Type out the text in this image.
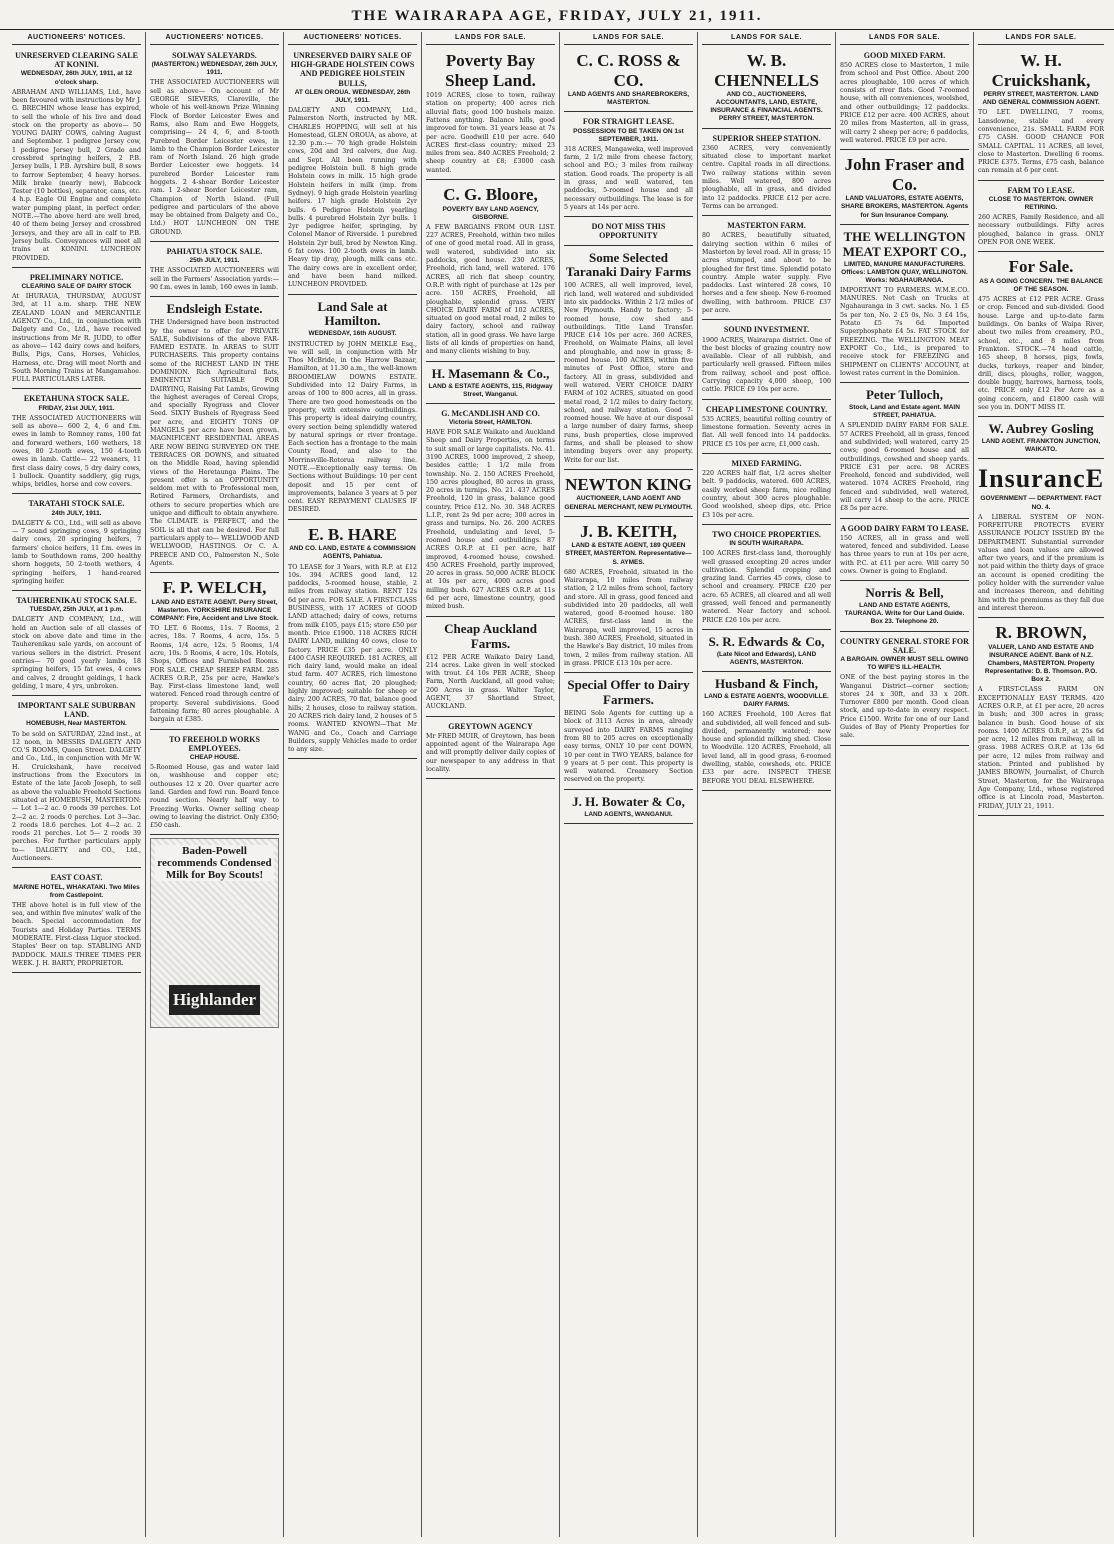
THE WAIRARAPA AGE, FRIDAY, JULY 21, 1911.
AUCTIONEERS' NOTICES.
UNRESERVED CLEARING SALE AT KONINI.
WEDNESDAY, 26th JULY, 1911, at 12 o'clock sharp.
ABRAHAM AND WILLIAMS, Ltd., have been favoured with instructions by Mr J. G. BRECHIN whose lease has expired, to sell the whole of his live and dead stock on the property as above— 50 YOUNG DAIRY COWS, calving August and September. 1 pedigree Jersey cow, 1 pedigree Jersey bull, 2 Grade and crossbred springing heifers, 2 P.B. Jersey bulls, 1 P.B. Ayrshire bull, 8 sows to farrow September, 4 heavy horses. Milk brake (nearly new), Babcock Tester (10 bottles), separator, cans, etc. 4 h.p. Eagle Oil Engine and complete water pumping plant, in perfect order. NOTE.—The above herd are well bred, 40 of them being Jersey and crossbred Jerseys, and they are all in calf to P.B. Jersey bulls. Conveyances will meet all trains at KONINI. LUNCHEON PROVIDED.
PRELIMINARY NOTICE.
CLEARING SALE OF DAIRY STOCK
At IHURAUA, THURSDAY, AUGUST 3rd, at 11 a.m. sharp. THE NEW ZEALAND LOAN and MERCANTILE AGENCY Co., Ltd., in conjunction with Dalgety and Co., Ltd., have received instructions from Mr R. JUDD, to offer as above— 142 dairy cows and heifers, Bulls, Pigs, Cans, Horses, Vehicles, Harness, etc. Drag will meet North and South Morning Trains at Mangamahoe. FULL PARTICULARS LATER.
EKETAHUNA STOCK SALE.
FRIDAY, 21st JULY, 1911.
THE ASSOCIATED AUCTIONEERS will sell as above— 600 2, 4, 6 and f.m. ewes in lamb to Romney rams, 100 fat and forward wethers, 160 wethers, 18 owes, 80 2-tooth ewes, 150 4-tooth ewes in lamb. Cattle— 22 weaners, 11 first class dairy cows, 5 dry dairy cows, 1 bullock. Quantity saddlery, gig rugs, whips, bridles, horse and cow covers.
TARATAHI STOCK SALE.
24th JULY, 1911.
DALGETY & CO., Ltd., will sell as above— 7 sound springing cows, 9 springing dairy cows, 20 springing heifers, 7 farmers' choice heifers, 11 f.m. ewes in lamb to Southdown rams, 200 healthy shorn hoggets, 50 2-tooth wethers, 4 springing heifers, 1 hand-reared springing heifer.
TAUHERENIKAU STOCK SALE.
TUESDAY, 25th JULY, at 1 p.m.
DALGETY AND COMPANY, Ltd., will hold an Auction sale of all classes of stock on above date and time in the Tauherenikau sale yards, on account of various sellers in the district. Present entries— 70 good yearly lambs, 18 springing heifers, 15 fat ewes, 4 cows and calves, 2 draught geldings, 1 hack gelding, 1 mare, 4 yrs, unbroken.
IMPORTANT SALE SUBURBAN LAND.
HOMEBUSH, Near MASTERTON.
To be sold on SATURDAY, 22nd inst., at 12 noon, in MESSRS DALGETY AND CO.'S ROOMS, Queen Street. DALGETY and Co., Ltd., in conjunction with Mr W. H. Cruickshank, have received instructions from the Executors in Estate of the late Jacob Joseph, to sell as above the valuable Freehold Sections situated at HOMEBUSH, MASTERTON:— Lot 1—2 ac. 0 roods 39 perches. Lot 2—2 ac. 2 roods 0 perches. Lot 3—3ac. 2 roods 18.6 perches. Lot 4—2 ac. 2 roods 21 perches. Lot 5— 2 roods 39 perches. For further particulars apply to— DALGETY and CO., Ltd., Auctioneers.
EAST COAST.
MARINE HOTEL, WHAKATAKI. Two Miles from Castlepoint.
THE above hotel is in full view of the sea, and within five minutes' walk of the beach. Special accommodation for Tourists and Holiday Parties. TERMS MODERATE. First-class Liquor stocked. Staples' Beer on tap. STABLING AND PADDOCK. MAILS THREE TIMES PER WEEK. J. H. BARTY, PROPRIETOR.
AUCTIONEERS' NOTICES.
SOLWAY SALEYARDS.
(MASTERTON.) WEDNESDAY, 26th JULY, 1911.
THE ASSOCIATED AUCTIONEERS will sell as above— On account of Mr GEORGE SIEVERS, Clareville, the whole of his well-known Prize Winning Flock of Border Leicester Ewes and Rams, also Ram and Ewe Hoggets, comprising— 24 4, 6, and 8-tooth Purebred Border Leicester ewes, in lamb to the Champion Border Leicester ram of North Island. 26 high grade Border Leicester ewe hoggets. 14 purebred Border Leicester ram hoggets. 2 4-shear Border Leicester ram. 1 2-shear Border Leicester ram, Champion of North Island. (Full pedigree and particulars of the above may be obtained from Dalgety and Co., Ltd.) HOT LUNCHEON ON THE GROUND.
PAHIATUA STOCK SALE.
25th JULY, 1911.
THE ASSOCIATED AUCTIONEERS will sell in the Farmers' Association yards:— 90 f.m. ewes in lamb, 160 ewes in lamb.
Endsleigh Estate.
THE Undersigned have been instructed by the owner to offer for PRIVATE SALE, Subdivisions of the above FAR-FAMED ESTATE. In AREAS to SUIT PURCHASERS. This property contains some of the RICHEST LAND IN THE DOMINION. Rich Agricultural flats, EMINENTLY SUITABLE FOR DAIRYING, Raising Fat Lambs, Growing the highest averages of Cereal Crops, and specially Ryegrass and Clover Seed. SIXTY Bushels of Ryegrass Seed per acre, and EIGHTY TONS OF MANGELS per acre have been grown. MAGNIFICENT RESIDENTIAL AREAS ARE NOW BEING SURVEYED ON THE TERRACES OR DOWNS, and situated on the Middle Road, having splendid views of the Heretaunga Plains. The present offer is an OPPORTUNITY seldom met with to Professional men, Retired Farmers, Orchardists, and others to secure properties which are unique and difficult to obtain anywhere. The CLIMATE is PERFECT, and the SOIL is all that can be desired. For full particulars apply to— WELLWOOD AND WELLWOOD, HASTINGS. Or C. A. PREECE AND CO., Palmerston N., Sole Agents.
F. P. WELCH,
LAND AND ESTATE AGENT. Perry Street, Masterton. YORKSHIRE INSURANCE COMPANY: Fire, Accident and Live Stock.
TO LET. 6 Rooms, 11s. 7 Rooms, 2 acres, 18s. 7 Rooms, 4 acre, 15s. 5 Rooms, 1/4 acre, 12s. 5 Rooms, 1/4 acre, 10s. 5 Rooms, 4 acre, 10s. Hotels, Shops, Offices and Furnished Rooms. FOR SALE. CHEAP SHEEP FARM. 285 ACRES O.R.P., 25s per acre, Hawke's Bay. First-class limestone land, well watered. Fenced road through centre of property. Several subdivisions. Good fattening farm; 80 acres ploughable. A bargain at £385.
TO FREEHOLD WORKS EMPLOYEES.
CHEAP HOUSE.
5-Roomed House, gas and water laid on, washhouse and copper etc; outhouses 12 x 20. Over quarter acre land. Garden and fowl run. Board fence round section. Nearly half way to Freezing Works. Owner selling cheap owing to leaving the district. Only £350; £50 cash.
Baden-Powell recommends Condensed Milk for Boy Scouts!
Highlander
AUCTIONEERS' NOTICES.
UNRESERVED DAIRY SALE OF HIGH-GRADE HOLSTEIN COWS AND PEDIGREE HOLSTEIN BULLS,
AT GLEN OROUA. WEDNESDAY, 26th JULY, 1911.
DALGETY AND COMPANY, Ltd., Palmerston North, instructed by MR. CHARLES HOPPING, will sell at his Homestead, GLEN OROUA, as above, at 12.30 p.m.:— 70 high grade Holstein cows, 20d and 3rd calvers, due Aug. and Sept. All been running with pedigree Holstein bull. 8 high grade Holstein cows in milk. 15 high grade Holstein heifers in milk (imp. from Sydney). 9 high grade Holstein yearling heifers. 17 high grade Holstein 2yr bulls. 6 Pedigree Holstein yearling bulls. 4 purebred Holstein 2yr bulls. 1 2yr pedigree heifer, springing, by Colonel Manor of Riverside. 1 purebred Holstein 2yr bull, bred by Newton King. 6 fat cows. 100 2-tooth ewes in lamb. Heavy tip dray, plough, milk cans etc. The dairy cows are in excellent order, and have been hand milked. LUNCHEON PROVIDED.
Land Sale at Hamilton.
WEDNESDAY, 16th AUGUST.
INSTRUCTED by JOHN MEIKLE Esq., we will sell, in conjunction with Mr Thos McBride, in the Harrow Bazaar, Hamilton, at 11.30 a.m., the well-known BROOMIELAW DOWNS ESTATE. Subdivided into 12 Dairy Farms, in areas of 100 to 800 acres, all in grass. There are two good homesteads on the property, with extensive outbuildings. This property is ideal dairying country, every section being splendidly watered by natural springs or river frontage. Each section has a frontage to the main County Road, and also to the Morrinsville-Rotorua railway line. NOTE.—Exceptionally easy terms. On Sections without Buildings: 10 per cent deposit and 15 per cent of improvements, balance 3 years at 5 per cent. EASY REPAYMENT CLAUSES IF DESIRED.
E. B. HARE
AND CO. LAND, ESTATE & COMMISSION AGENTS, Pahiatua.
TO LEASE for 3 Years, with R.P. at £12 10s. 394 ACRES good land, 12 paddocks, 5-roomed house, stable, 2 miles from railway station. RENT 12s 6d per acre. FOR SALE. A FIRST-CLASS BUSINESS, with 17 ACRES of GOOD LAND attached; dairy of cows, returns from milk £105, pays £15; store £50 per month. Price £1900. 118 ACRES RICH DAIRY LAND, milking 40 cows, close to factory. PRICE £35 per acre. ONLY £400 CASH REQUIRED. 181 ACRES, all rich dairy land, would make an ideal stud farm. 407 ACRES, rich limestone country, 60 acres flat, 20 ploughed; highly improved; suitable for sheep or dairy. 200 ACRES, 70 flat, balance good hills; 2 houses, close to railway station. 20 ACRES rich dairy land, 2 houses of 5 rooms. WANTED KNOWN—That Mr WANG and Co., Coach and Carriage Builders, supply Vehicles made to order to any size.
LANDS FOR SALE.
Poverty Bay Sheep Land.
1019 ACRES, close to town, railway station on property; 400 acres rich alluvial flats; good 100 bushels maize. Fattens anything. Balance hills, good improved for town. 31 years lease at 7s per acre. Goodwill £10 per acre. 640 ACRES first-class country; mixed 23 miles from sea. 840 ACRES Freehold; 2 sheep country at £8; £3000 cash wanted.
C. G. Bloore,
POVERTY BAY LAND AGENCY, GISBORNE.
A FEW BARGAINS FROM OUR LIST. 227 ACRES, Freehold, within two miles of one of good metal road. All in grass, well watered, subdivided into six paddocks, good house. 230 ACRES, Freehold, rich land, well watered. 176 ACRES, all rich flat sheep country, O.R.P. with right of purchase at 12s per acre. 150 ACRES, Freehold, all ploughable, splendid grass. VERY CHOICE DAIRY FARM of 102 ACRES, situated on good metal road, 2 miles to dairy factory, school and railway station, all in good grass. We have large lists of all kinds of properties on hand, and many clients wishing to buy.
H. Masemann & Co.,
LAND & ESTATE AGENTS, 115, Ridgway Street, Wanganui.
G. McCANDLISH AND CO.
Victoria Street, HAMILTON.
HAVE FOR SALE Waikato and Auckland Sheep and Dairy Properties, on terms to suit small or large capitalists. No. 41. 3190 ACRES, 1000 improved, 2 sheep, besides cattle; 1 1/2 mile from township. No. 2. 150 ACRES Freehold, 150 acres ploughed, 80 acres in grass, 20 acres in turnips. No. 21. 437 ACRES Freehold, 120 in grass, balance good country. Price £12. No. 30. 348 ACRES L.I.P., rent 2s 9d per acre; 300 acres in grass and turnips. No. 26. 200 ACRES Freehold, undulating and level, 5-roomed house and outbuildings. 87 ACRES O.R.P. at £1 per acre, half improved, 4-roomed house, cowshed. 450 ACRES Freehold, partly improved, 20 acres in grass. 50,000 ACRE BLOCK at 10s per acre, 4000 acres good milling bush. 627 ACRES O.R.P. at 11s 6d per acre, limestone country, good mixed bush.
Cheap Auckland Farms.
£12 PER ACRE Waikato Dairy Land, 214 acres. Lake given in well stocked with trout. £4 10s PER ACRE, Sheep Farm, North Auckland, all good value; 200 Acres in grass. Walter Taylor, AGENT, 37 Shortland Street, AUCKLAND.
GREYTOWN AGENCY
Mr FRED MUIR, of Greytown, has been appointed agent of the Wairarapa Age and will promptly deliver daily copies of our newspaper to any address in that locality.
LANDS FOR SALE.
C. C. ROSS & CO.
LAND AGENTS AND SHAREBROKERS, MASTERTON.
FOR STRAIGHT LEASE.
POSSESSION TO BE TAKEN ON 1st SEPTEMBER, 1911.
318 ACRES, Mangaweka, well improved farm, 2 1/2 mile from cheese factory, school and P.O.; 3 miles from railway station. Good roads. The property is all in grass, and well watered, ten paddocks, 5-roomed house and all necessary outbuildings. The lease is for 5 years at 14s per acre.
DO NOT MISS THIS OPPORTUNITY
Some Selected Taranaki Dairy Farms
100 ACRES, all well improved, level, rich land, well watered and subdivided into six paddocks. Within 2 1/2 miles of New Plymouth. Handy to factory; 5-roomed house, cow shed and outbuildings. Title Land Transfer. PRICE £14 10s per acre. 360 ACRES, Freehold, on Waimate Plains, all level and ploughable, and now in grass; 8-roomed house. 100 ACRES, within five minutes of Post Office, store and factory. All in grass, subdivided and well watered. VERY CHOICE DAIRY FARM of 102 ACRES, situated on good metal road, 2 1/2 miles to dairy factory, school, and railway station. Good 7-roomed house. We have at our disposal a large number of dairy farms, sheep runs, bush properties, close improved farms, and shall be pleased to show intending buyers over any property. Write for our list.
NEWTON KING
AUCTIONEER, LAND AGENT AND GENERAL MERCHANT, NEW PLYMOUTH.
J. B. KEITH,
LAND & ESTATE AGENT, 189 QUEEN STREET, MASTERTON. Representative—S. AYMES.
680 ACRES, Freehold, situated in the Wairarapa, 10 miles from railway station, 2 1/2 miles from school, factory and store. All in grass, good fenced and subdivided into 20 paddocks, all well watered, good 8-roomed house. 180 ACRES, first-class land in the Wairarapa, well improved, 15 acres in bush. 380 ACRES, Freehold, situated in the Hawke's Bay district, 10 miles from town, 2 miles from railway station. All in grass. PRICE £13 10s per acre.
Special Offer to Dairy Farmers.
BEING Sole Agents for cutting up a block of 3113 Acres in area, already surveyed into DAIRY FARMS ranging from 80 to 205 acres on exceptionally easy terms, ONLY 10 per cent DOWN, 10 per cent in TWO YEARS, balance for 9 years at 5 per cent. This property is well watered. Creamery Section reserved on the property.
J. H. Bowater & Co,
LAND AGENTS, WANGANUI.
LANDS FOR SALE.
W. B. CHENNELLS
AND CO., AUCTIONEERS, ACCOUNTANTS, LAND, ESTATE, INSURANCE & FINANCIAL AGENTS. PERRY STREET, MASTERTON.
SUPERIOR SHEEP STATION.
2360 ACRES, very conveniently situated close to important market centre. Capital roads in all directions. Two railway stations within seven miles. Well watered, 800 acres ploughable, all in grass, and divided into 12 paddocks. PRICE £12 per acre. Terms can be arranged.
MASTERTON FARM.
80 ACRES, beautifully situated, dairying section within 6 miles of Masterton by level road. All in grass; 15 acres stumped, and about to be ploughed for first time. Splendid potato country. Ample water supply. Five paddocks. Last wintered 28 cows, 10 horses and a few sheep. New 6-roomed dwelling, with bathroom. PRICE £37 per acre.
SOUND INVESTMENT.
1900 ACRES, Wairarapa district. One of the best blocks of grazing country now available. Clear of all rubbish, and particularly well grassed. Fifteen miles from railway, school and post office. Carrying capacity 4,000 sheep, 100 cattle. PRICE £9 10s per acre.
CHEAP LIMESTONE COUNTRY.
535 ACRES, beautiful rolling country of limestone formation. Seventy acres in flat. All well fenced into 14 paddocks. PRICE £5 10s per acre, £1,000 cash.
MIXED FARMING.
220 ACRES half flat, 1/2 acres shelter belt. 9 paddocks, watered. 600 ACRES, easily worked sheep farm, nice rolling country, about 300 acres ploughable. Good woolshed, sheep dips, etc. Price £3 10s per acre.
TWO CHOICE PROPERTIES.
IN SOUTH WAIRARAPA.
100 ACRES first-class land, thoroughly well grassed excepting 20 acres under cultivation. Splendid cropping and grazing land. Carries 45 cows, close to school and creamery. PRICE £20 per acre. 65 ACRES, all cleared and all well grassed, well fenced and permanently watered. Near factory and school. PRICE £26 10s per acre.
S. R. Edwards & Co,
(Late Nicol and Edwards), LAND AGENTS, MASTERTON.
Husband & Finch,
LAND & ESTATE AGENTS, WOODVILLE. DAIRY FARMS.
160 ACRES Freehold, 100 Acres flat and subdivided, all well fenced and sub-divided, permanently watered; new house and splendid milking shed. Close to Woodville. 120 ACRES, Freehold, all level land, all in good grass, 6-roomed dwelling, stable, cowsheds, etc. PRICE £33 per acre. INSPECT THESE BEFORE YOU DEAL ELSEWHERE.
LANDS FOR SALE.
GOOD MIXED FARM.
850 ACRES close to Masterton, 1 mile from school and Post Office. About 200 acres ploughable, 100 acres of which consists of river flats. Good 7-roomed house, with all conveniences, woolshed, and other outbuildings; 12 paddocks. PRICE £12 per acre. 400 ACRES, about 20 miles from Masterton, all in grass, will carry 2 sheep per acre; 6 paddocks, well watered. PRICE £9 per acre.
John Fraser and Co.
LAND VALUATORS, ESTATE AGENTS, SHARE BROKERS, MASTERTON. Agents for Sun Insurance Company.
THE WELLINGTON MEAT EXPORT CO.,
LIMITED, MANURE MANUFACTURERS. Offices: LAMBTON QUAY, WELLINGTON. Works: NGAHAURANGA.
IMPORTANT TO FARMERS. W.M.E.CO. MANURES. Net Cash on Trucks at Ngahauranga in 3 cwt. sacks. No. 1 £5 5s per ton, No. 2 £5 0s, No. 3 £4 15s, Potato £5 7s 6d. Imported Superphosphate £4 5s. FAT STOCK for FREEZING. The WELLINGTON MEAT EXPORT Co., Ltd., is prepared to receive stock for FREEZING and SHIPMENT on CLIENTS' ACCOUNT, at lowest rates current in the Dominion.
Peter Tulloch,
Stock, Land and Estate agent. MAIN STREET, PAHIATUA.
A SPLENDID DAIRY FARM FOR SALE. 57 ACRES Freehold, all in grass, fenced and subdivided; well watered, carry 25 cows; good 6-roomed house and all outbuildings, cowshed and sheep yards. PRICE £31 per acre. 98 ACRES Freehold, fenced and subdivided, well watered. 1074 ACRES Freehold, ring fenced and subdivided, well watered, will carry 14 sheep to the acre. PRICE £8 5s per acre.
A GOOD DAIRY FARM TO LEASE.
150 ACRES, all in grass and well watered, fenced and subdivided. Lease has three years to run at 10s per acre, with P.C. at £11 per acre. Will carry 50 cows. Owner is going to England.
Norris & Bell,
LAND AND ESTATE AGENTS, TAURANGA. Write for Our Land Guide. Box 23. Telephone 20.
COUNTRY GENERAL STORE FOR SALE.
A BARGAIN. OWNER MUST SELL OWING TO WIFE'S ILL-HEALTH.
ONE of the best paying stores in the Wanganui District—corner section; stores 24 x 30ft, and 33 x 20ft. Turnover £800 per month. Good clean stock, and up-to-date in every respect. Price £1500. Write for one of our Land Guides of Bay of Plenty Properties for sale.
LANDS FOR SALE.
W. H. Cruickshank,
PERRY STREET, MASTERTON. LAND AND GENERAL COMMISSION AGENT.
TO LET. DWELLING, 7 rooms, Lansdowne, stable and every convenience, 21s. SMALL FARM FOR £75 CASH. GOOD CHANCE FOR SMALL CAPITAL. 11 ACRES, all level, close to Masterton. Dwelling 6 rooms. PRICE £375. Terms, £75 cash, balance can remain at 6 per cent.
FARM TO LEASE.
CLOSE TO MASTERTON. OWNER RETIRING.
260 ACRES, Family Residence, and all necessary outbuildings. Fifty acres ploughed, balance in grass. ONLY OPEN FOR ONE WEEK.
For Sale.
AS A GOING CONCERN. THE BALANCE OF THE SEASON.
475 ACRES at £12 PER ACRE. Grass or crop. Fenced and sub-divided. Good house. Large and up-to-date farm buildings. On banks of Waipa River, about two miles from creamery, P.O., school, etc., and 8 miles from Frankton. STOCK.—74 head cattle, 165 sheep, 8 horses, pigs, fowls, ducks, turkeys, reaper and binder, drill, discs, ploughs, roller, waggon, double buggy, harrows, harness, tools, etc. PRICE only £12 Per Acre as a going concern, and £1800 cash will see you in. DON'T MISS IT.
W. Aubrey Gosling
LAND AGENT. FRANKTON JUNCTION, WAIKATO.
InsurancE
GOVERNMENT — DEPARTMENT. FACT NO. 4.
A LIBERAL SYSTEM OF NON-FORFEITURE PROTECTS EVERY ASSURANCE POLICY ISSUED BY the DEPARTMENT. Substantial surrender values and loan values are allowed after two years, and if the premium is not paid within the thirty days of grace an account is opened crediting the policy holder with the surrender value and increases thereon, and debiting him with the premiums as they fall due and interest thereon.
R. BROWN,
VALUER, LAND AND ESTATE AND INSURANCE AGENT. Bank of N.Z. Chambers, MASTERTON. Property Representative: D. B. Thomson. P.O. Box 2.
A FIRST-CLASS FARM ON EXCEPTIONALLY EASY TERMS. 420 ACRES O.R.P., at £1 per acre, 20 acres in bush; and 300 acres in grass; balance in bush. Good house of six rooms. 1400 ACRES O.R.P., at 25s 6d per acre, 12 miles from railway, all in grass. 1988 ACRES O.R.P. at 13s 6d per acre, 12 miles from railway and station. Printed and published by JAMES BROWN, Journalist, of Church Street, Masterton, for the Wairarapa Age Company, Ltd., whose registered office is at Lincoln road, Masterton. FRIDAY, JULY 21, 1911.
